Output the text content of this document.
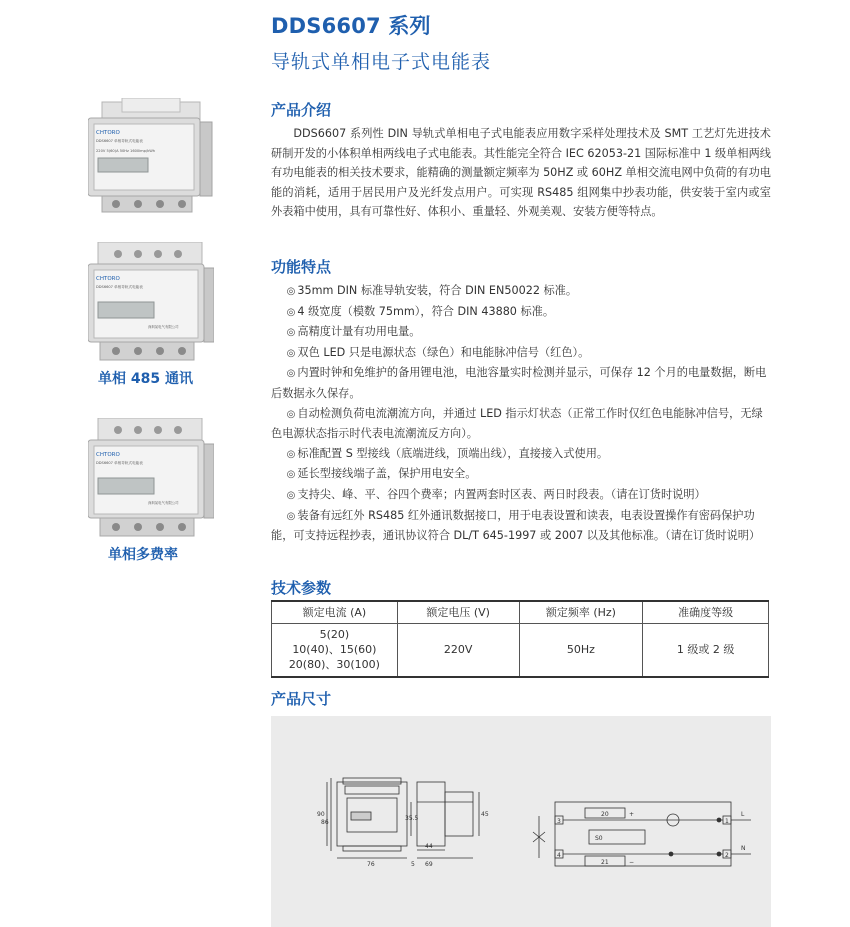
DDS6607 系列
导轨式单相电子式电能表
CHTORO
DDS6607 单相导轨式电能表
220V 5(60)A 50Hz 1600imp/kWh
CHTORO
DDS6607 单相导轨式电能表
深圳某电气有限公司
单相 485 通讯
CHTORO
DDS6607 单相导轨式电能表
深圳某电气有限公司
单相多费率
产品介绍
DDS6607 系列性 DIN 导轨式单相电子式电能表应用数字采样处理技术及 SMT 工艺灯先进技术研制开发的小体积单相两线电子式电能表。其性能完全符合 IEC 62053-21 国际标准中 1 级单相两线有功电能表的相关技术要求，能精确的测量额定频率为 50HZ 或 60HZ 单相交流电网中负荷的有功电能的消耗，适用于居民用户及光纤发点用户。可实现 RS485 组网集中抄表功能，供安装于室内或室外表箱中使用，具有可靠性好、体积小、重量轻、外观美观、安装方便等特点。
功能特点
◎ 35mm DIN 标准导轨安装，符合 DIN EN50022 标准。
◎ 4 级宽度（模数 75mm），符合 DIN 43880 标准。
◎ 高精度计量有功用电量。
◎ 双色 LED 只是电源状态（绿色）和电能脉冲信号（红色）。
◎ 内置时钟和免维护的备用锂电池，电池容量实时检测并显示，可保存 12 个月的电量数据，断电后数据永久保存。
◎ 自动检测负荷电流潮流方向，并通过 LED 指示灯状态（正常工作时仅红色电能脉冲信号，无绿色电源状态指示时代表电流潮流反方向）。
◎ 标准配置 S 型接线（底端进线，顶端出线），直接接入式使用。
◎ 延长型接线端子盖，保护用电安全。
◎ 支持尖、峰、平、谷四个费率；内置两套时区表、两日时段表。（请在订货时说明）
◎ 装备有远红外 RS485 红外通讯数据接口，用于电表设置和读表，电表设置操作有密码保护功能，可支持远程抄表，通讯协议符合 DL/T 645-1997 或 2007 以及其他标准。（请在订货时说明）
技术参数
额定电流 (A)	额定电压 (V)	额定频率 (Hz)	准确度等级

5(20)
10(40)、15(60)
20(80)、30(100)	220V	50Hz	1 级或 2 级
产品尺寸
90
86
76
35.5
45
44
69
5
3
4
1
2
20
21
S0
+
−
L
N
